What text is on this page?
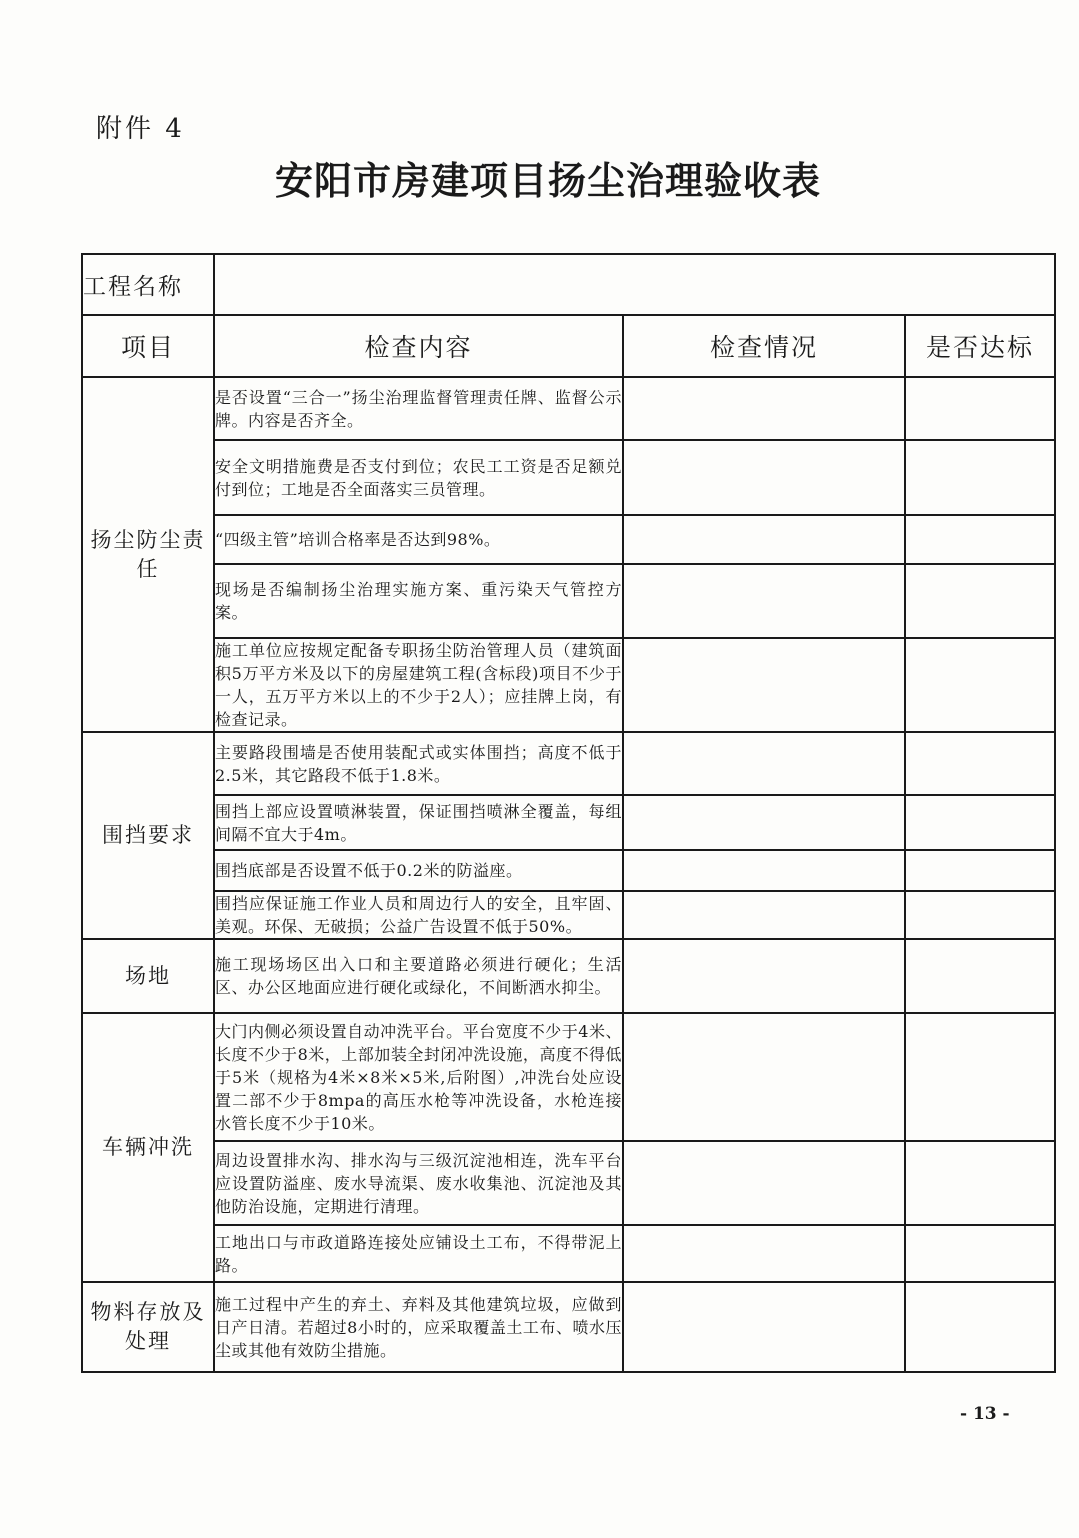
附件 4
安阳市房建项目扬尘治理验收表
工程名称			
项目	检查内容	检查情况	是否达标
扬尘防尘责任	是否设置“三合一”扬尘治理监督管理责任牌、监督公示牌。内容是否齐全。		
	安全文明措施费是否支付到位；农民工工资是否足额兑付到位；工地是否全面落实三员管理。		
	“四级主管”培训合格率是否达到98%。		
	现场是否编制扬尘治理实施方案、重污染天气管控方案。		
	施工单位应按规定配备专职扬尘防治管理人员（建筑面积5万平方米及以下的房屋建筑工程(含标段)项目不少于一人，五万平方米以上的不少于2人）；应挂牌上岗，有检查记录。		
围挡要求	主要路段围墙是否使用装配式或实体围挡；高度不低于2.5米，其它路段不低于1.8米。		
	围挡上部应设置喷淋装置，保证围挡喷淋全覆盖，每组间隔不宜大于4m。		
	围挡底部是否设置不低于0.2米的防溢座。		
	围挡应保证施工作业人员和周边行人的安全，且牢固、美观。环保、无破损；公益广告设置不低于50%。		
场地	施工现场场区出入口和主要道路必须进行硬化；生活区、办公区地面应进行硬化或绿化，不间断洒水抑尘。		
车辆冲洗	大门内侧必须设置自动冲洗平台。平台宽度不少于4米、长度不少于8米，上部加装全封闭冲洗设施，高度不得低于5米（规格为4米×8米×5米,后附图）,冲洗台处应设置二部不少于8mpa的高压水枪等冲洗设备，水枪连接水管长度不少于10米。		
	周边设置排水沟、排水沟与三级沉淀池相连，洗车平台应设置防溢座、废水导流渠、废水收集池、沉淀池及其他防治设施，定期进行清理。		
	工地出口与市政道路连接处应铺设土工布，不得带泥上路。		
物料存放及处理	施工过程中产生的弃土、弃料及其他建筑垃圾，应做到日产日清。若超过8小时的，应采取覆盖土工布、喷水压尘或其他有效防尘措施。		
- 13 -
